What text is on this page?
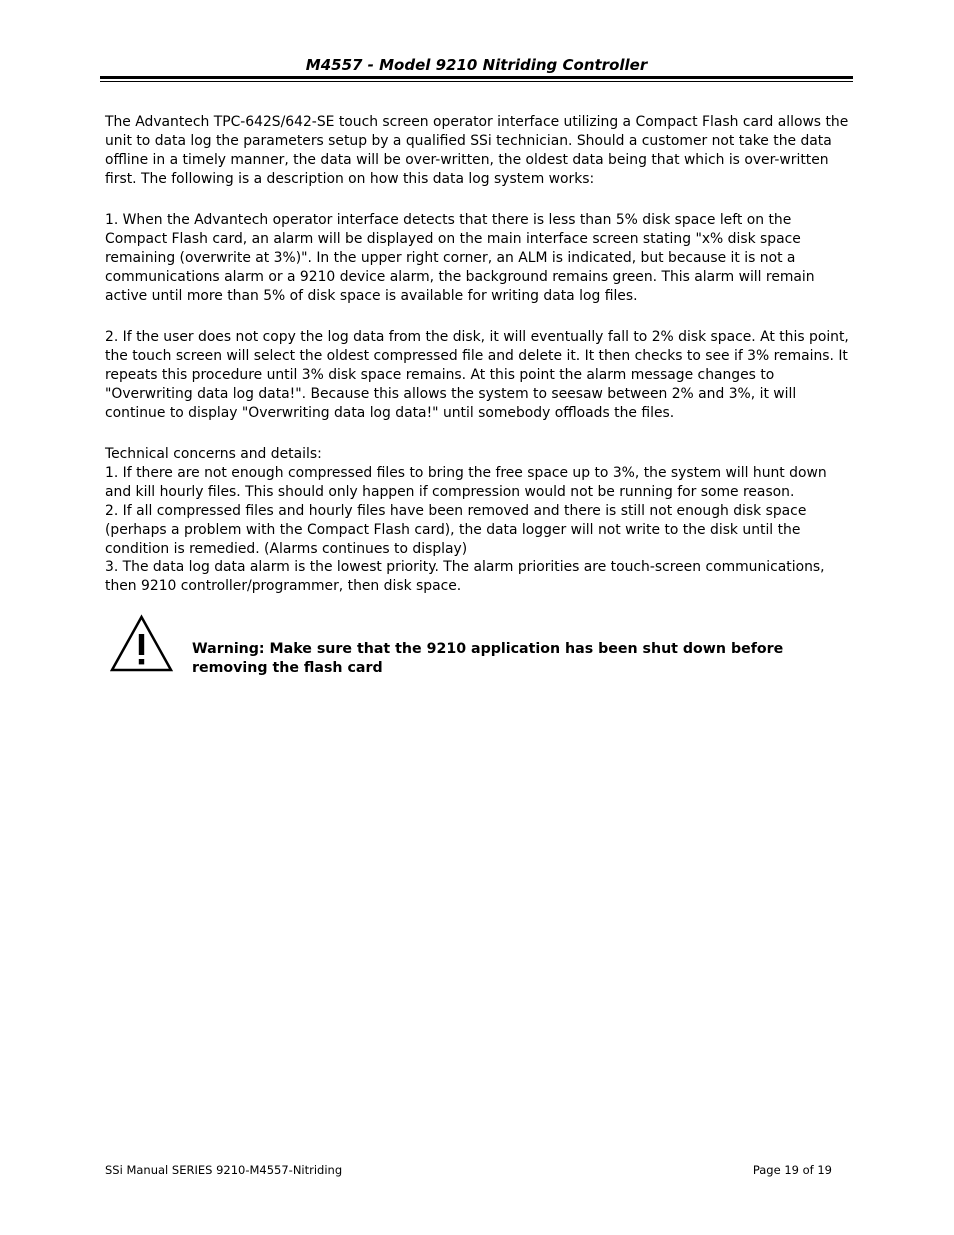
M4557 - Model 9210 Nitriding Controller

The Advantech TPC-642S/642-SE touch screen operator interface utilizing a Compact Flash card allows the unit to data log the parameters setup by a qualified SSi technician. Should a customer not take the data offline in a timely manner, the data will be over-written, the oldest data being that which is over-written first. The following is a description on how this data log system works:

1. When the Advantech operator interface detects that there is less than 5% disk space left on the Compact Flash card, an alarm will be displayed on the main interface screen stating "x% disk space remaining (overwrite at 3%)". In the upper right corner, an ALM is indicated, but because it is not a communications alarm or a 9210 device alarm, the background remains green. This alarm will remain active until more than 5% of disk space is available for writing data log files.

2. If the user does not copy the log data from the disk, it will eventually fall to 2% disk space. At this point, the touch screen will select the oldest compressed file and delete it. It then checks to see if 3% remains. It repeats this procedure until 3% disk space remains. At this point the alarm message changes to "Overwriting data log data!". Because this allows the system to seesaw between 2% and 3%, it will continue to display "Overwriting data log data!" until somebody offloads the files.

Technical concerns and details:

1. If there are not enough compressed files to bring the free space up to 3%, the system will hunt down and kill hourly files. This should only happen if compression would not be running for some reason.

2. If all compressed files and hourly files have been removed and there is still not enough disk space (perhaps a problem with the Compact Flash card), the data logger will not write to the disk until the condition is remedied. (Alarms continues to display)

3. The data log data alarm is the lowest priority. The alarm priorities are touch-screen communications, then 9210 controller/programmer, then disk space.

Warning: Make sure that the 9210 application has been shut down before removing the flash card
SSi Manual SERIES 9210-M4557-Nitriding	Page 19 of 19
